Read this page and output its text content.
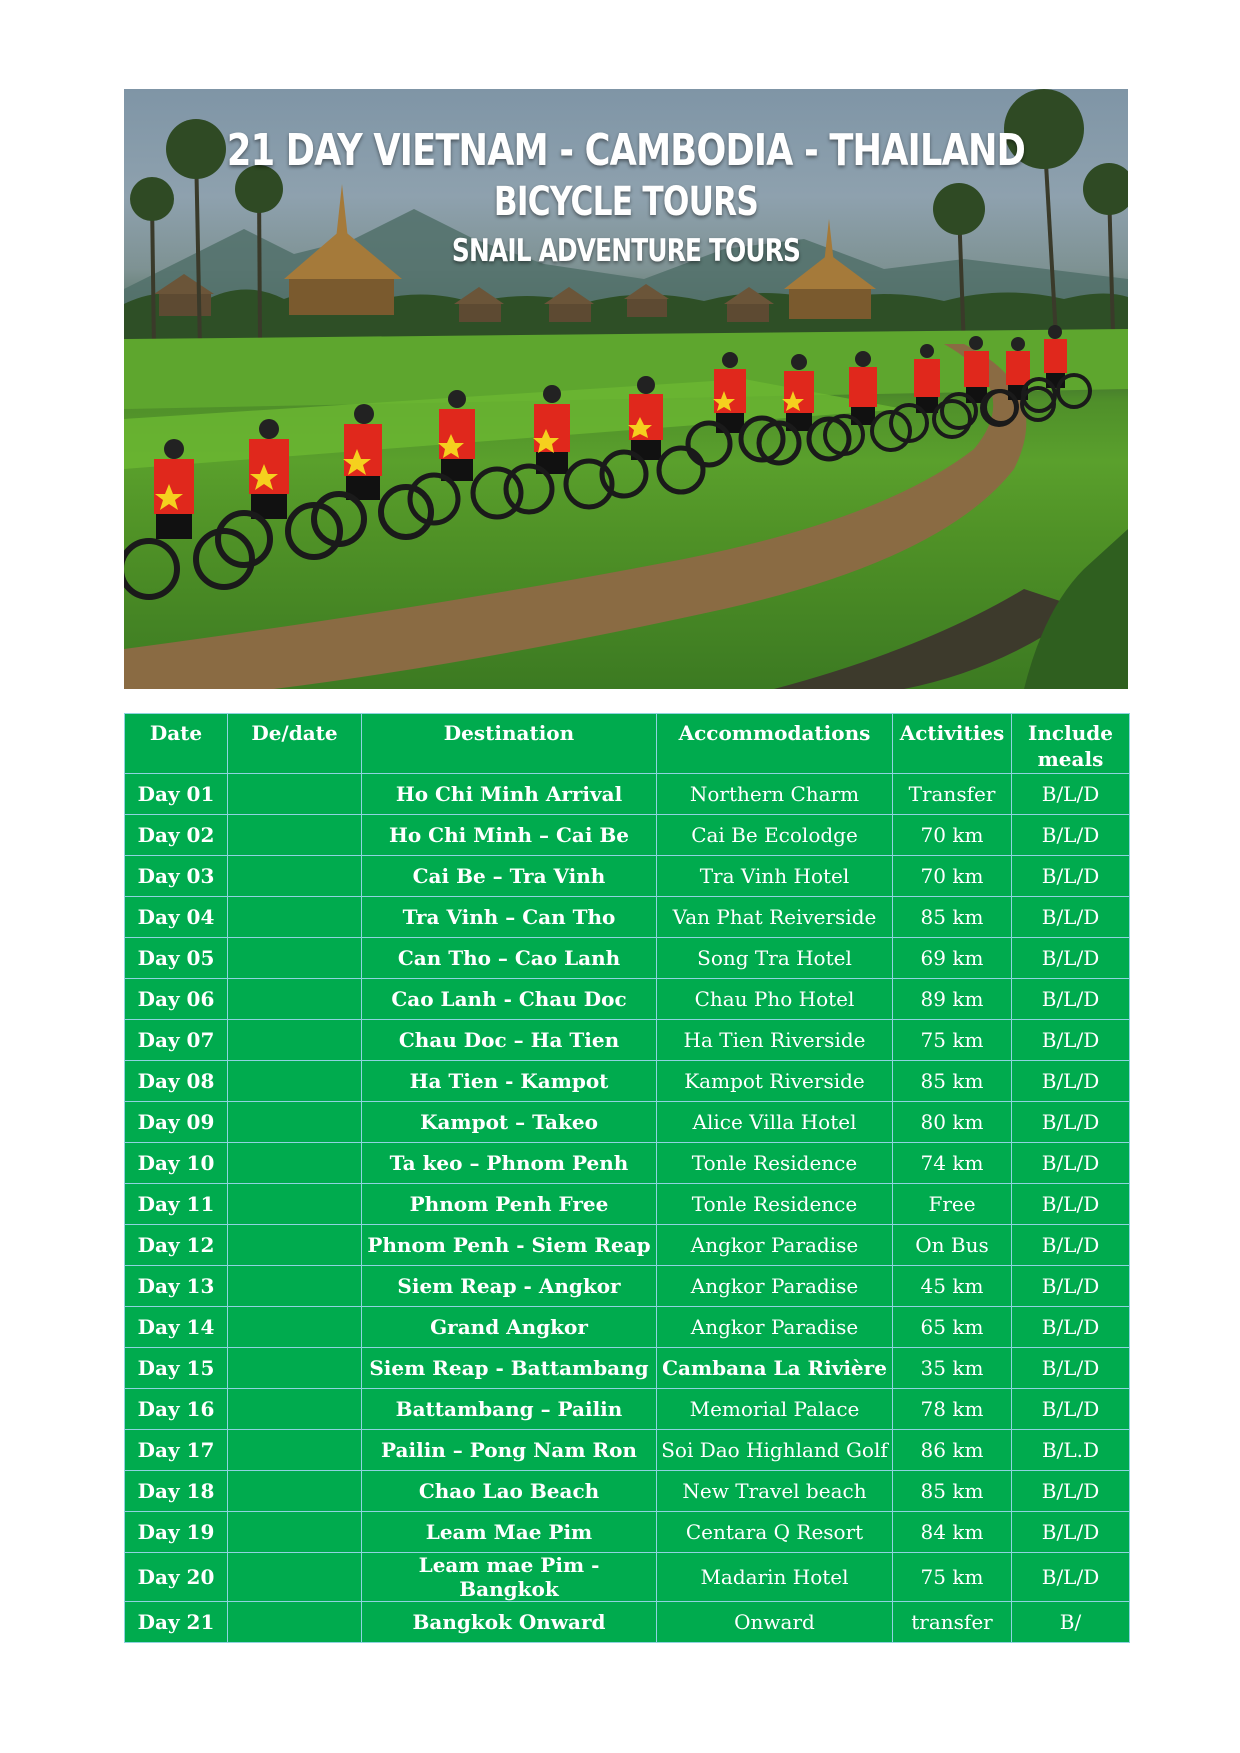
21 DAY VIETNAM - CAMBODIA - THAILAND
BICYCLE TOURS
SNAIL ADVENTURE TOURS
Date	De/date	Destination	Accommodations	Activities	Include meals
Day 01		Ho Chi Minh Arrival	Northern Charm	Transfer	B/L/D
Day 02		Ho Chi Minh – Cai Be	Cai Be Ecolodge	70 km	B/L/D
Day 03		Cai Be – Tra Vinh	Tra Vinh Hotel	70 km	B/L/D
Day 04		Tra Vinh – Can Tho	Van Phat Reiverside	85 km	B/L/D
Day 05		Can Tho – Cao Lanh	Song Tra Hotel	69 km	B/L/D
Day 06		Cao Lanh - Chau Doc	Chau Pho Hotel	89 km	B/L/D
Day 07		Chau Doc – Ha Tien	Ha Tien Riverside	75 km	B/L/D
Day 08		Ha Tien - Kampot	Kampot Riverside	85 km	B/L/D
Day 09		Kampot – Takeo	Alice Villa Hotel	80 km	B/L/D
Day 10		Ta keo – Phnom Penh	Tonle Residence	74 km	B/L/D
Day 11		Phnom Penh Free	Tonle Residence	Free	B/L/D
Day 12		Phnom Penh - Siem Reap	Angkor Paradise	On Bus	B/L/D
Day 13		Siem Reap - Angkor	Angkor Paradise	45 km	B/L/D
Day 14		Grand Angkor	Angkor Paradise	65 km	B/L/D
Day 15		Siem Reap - Battambang	Cambana La Rivière	35 km	B/L/D
Day 16		Battambang – Pailin	Memorial Palace	78 km	B/L/D
Day 17		Pailin – Pong Nam Ron	Soi Dao Highland Golf	86 km	B/L.D
Day 18		Chao Lao Beach	New Travel beach	85 km	B/L/D
Day 19		Leam Mae Pim	Centara Q Resort	84 km	B/L/D
Day 20		Leam mae Pim - Bangkok	Madarin Hotel	75 km	B/L/D
Day 21		Bangkok Onward	Onward	transfer	B/
